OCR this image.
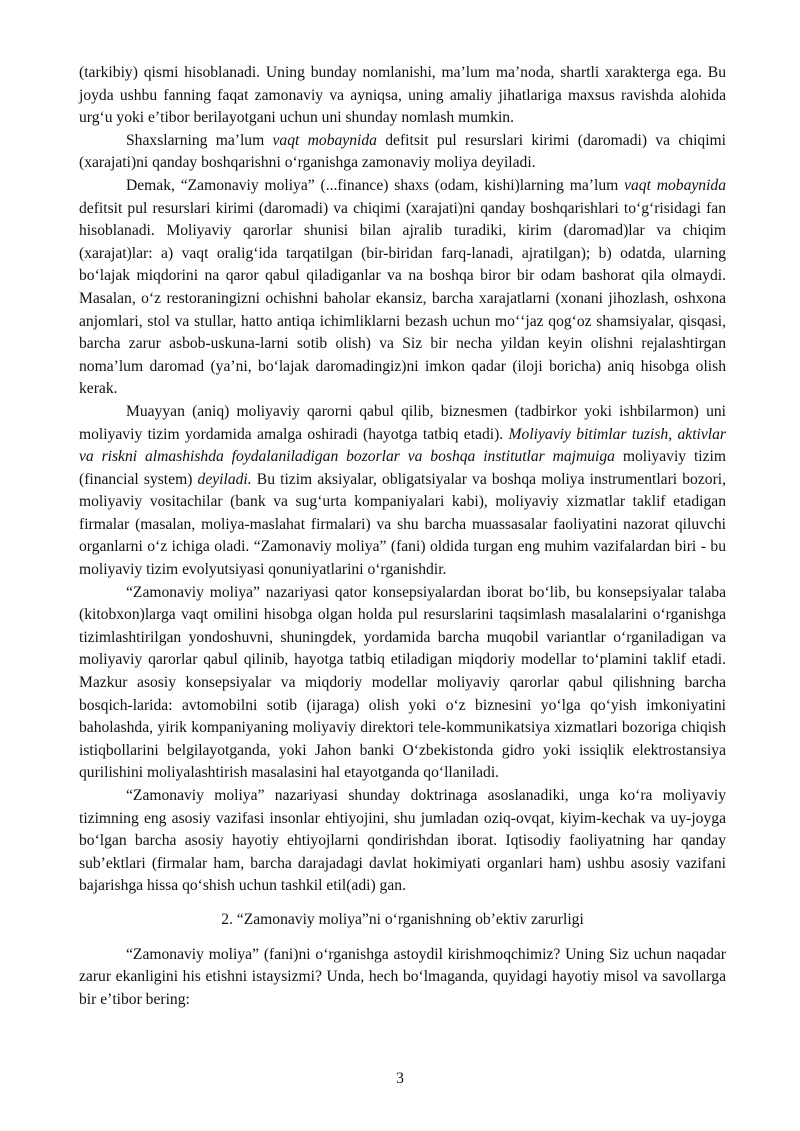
(tarkibiy) qismi hisoblanadi. Uning bunday nomlanishi, maʼlum maʼnoda, shartli xarakterga ega. Bu joyda ushbu fanning faqat zamonaviy va ayniqsa, uning amaliy jihatlariga maxsus ravishda alohida urgʻu yoki eʼtibor berilayotgani uchun uni shunday nomlash mumkin.

Shaxslarning maʼlum vaqt mobaynida defitsit pul resurslari kirimi (daromadi) va chiqimi (xarajati)ni qanday boshqarishni oʻrganishga zamonaviy moliya deyiladi.

Demak, “Zamonaviy moliya” (...finance) shaxs (odam, kishi)larning maʼlum vaqt mobaynida defitsit pul resurslari kirimi (daromadi) va chiqimi (xarajati)ni qanday boshqarishlari toʻgʻrisidagi fan hisoblanadi. Moliyaviy qarorlar shunisi bilan ajralib turadiki, kirim (daromad)lar va chiqim (xarajat)lar: a) vaqt oraligʻida tarqatilgan (bir-biridan farq-lanadi, ajratilgan); b) odatda, ularning boʻlajak miqdorini na qaror qabul qiladiganlar va na boshqa biror bir odam bashorat qila olmaydi. Masalan, oʻz restoraningizni ochishni baholar ekansiz, barcha xarajatlarni (xonani jihozlash, oshxona anjomlari, stol va stullar, hatto antiqa ichimliklarni bezash uchun moʻʻjaz qogʻoz shamsiyalar, qisqasi, barcha zarur asbob-uskuna-larni sotib olish) va Siz bir necha yildan keyin olishni rejalashtirgan nomaʼlum daromad (yaʼni, boʻlajak daromadingiz)ni imkon qadar (iloji boricha) aniq hisobga olish kerak.

Muayyan (aniq) moliyaviy qarorni qabul qilib, biznesmen (tadbirkor yoki ishbilarmon) uni moliyaviy tizim yordamida amalga oshiradi (hayotga tatbiq etadi). Moliyaviy bitimlar tuzish, aktivlar va riskni almashishda foydalaniladigan bozorlar va boshqa institutlar majmuiga moliyaviy tizim (financial system) deyiladi. Bu tizim aksiyalar, obligatsiyalar va boshqa moliya instrumentlari bozori, moliyaviy vositachilar (bank va sugʻurta kompaniyalari kabi), moliyaviy xizmatlar taklif etadigan firmalar (masalan, moliya-maslahat firmalari) va shu barcha muassasalar faoliyatini nazorat qiluvchi organlarni oʻz ichiga oladi. “Zamonaviy moliya” (fani) oldida turgan eng muhim vazifalardan biri - bu moliyaviy tizim evolyutsiyasi qonuniyatlarini oʻrganishdir.

“Zamonaviy moliya” nazariyasi qator konsepsiyalardan iborat boʻlib, bu konsepsiyalar talaba (kitobxon)larga vaqt omilini hisobga olgan holda pul resurslarini taqsimlash masalalarini oʻrganishga tizimlashtirilgan yondoshuvni, shuningdek, yordamida barcha muqobil variantlar oʻrganiladigan va moliyaviy qarorlar qabul qilinib, hayotga tatbiq etiladigan miqdoriy modellar toʻplamini taklif etadi. Mazkur asosiy konsepsiyalar va miqdoriy modellar moliyaviy qarorlar qabul qilishning barcha bosqich-larida: avtomobilni sotib (ijaraga) olish yoki oʻz biznesini yoʻlga qoʻyish imkoniyatini baholashda, yirik kompaniyaning moliyaviy direktori tele-kommunikatsiya xizmatlari bozoriga chiqish istiqbollarini belgilayotganda, yoki Jahon banki Oʻzbekistonda gidro yoki issiqlik elektrostansiya qurilishini moliyalashtirish masalasini hal etayotganda qoʻllaniladi.

“Zamonaviy moliya” nazariyasi shunday doktrinaga asoslanadiki, unga koʻra moliyaviy tizimning eng asosiy vazifasi insonlar ehtiyojini, shu jumladan oziq-ovqat, kiyim-kechak va uy-joyga boʻlgan barcha asosiy hayotiy ehtiyojlarni qondirishdan iborat. Iqtisodiy faoliyatning har qanday subʼektlari (firmalar ham, barcha darajadagi davlat hokimiyati organlari ham) ushbu asosiy vazifani bajarishga hissa qoʻshish uchun tashkil etil(adi) gan.

2. “Zamonaviy moliya”ni oʻrganishning obʼektiv zarurligi

“Zamonaviy moliya” (fani)ni oʻrganishga astoydil kirishmoqchimiz? Uning Siz uchun naqadar zarur ekanligini his etishni istaysizmi? Unda, hech boʻlmaganda, quyidagi hayotiy misol va savollarga bir eʼtibor bering:

3
